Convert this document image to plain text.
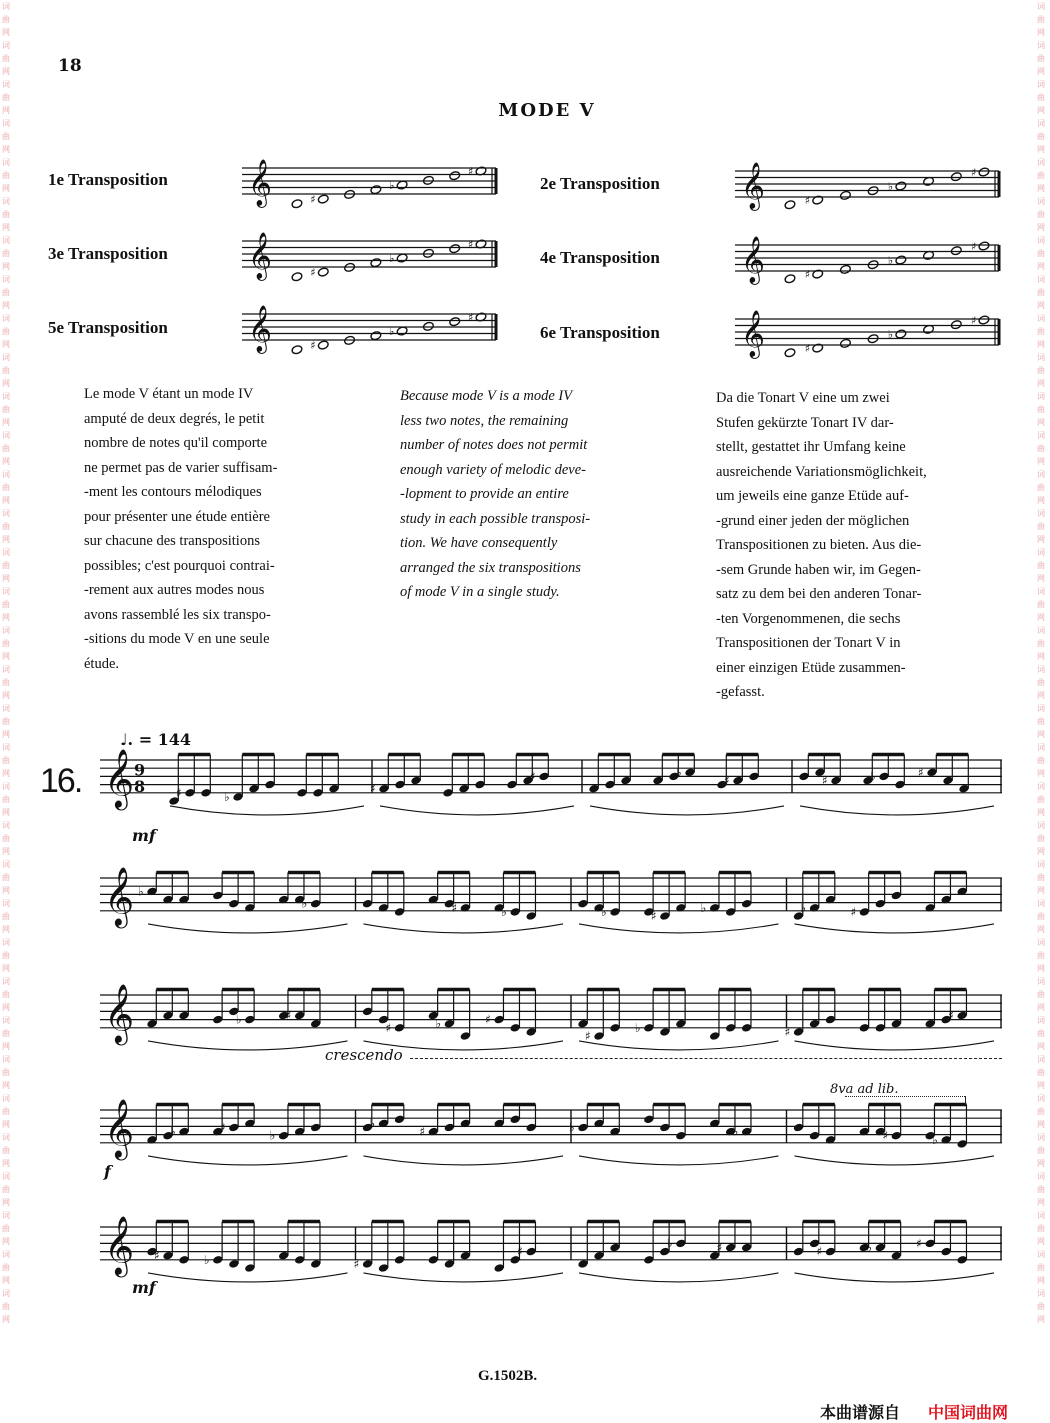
词曲网词曲网词曲网词曲网词曲网词曲网词曲网词曲网词曲网词曲网词曲网词曲网词曲网词曲网词曲网词曲网词曲网词曲网词曲网词曲网词曲网词曲网词曲网词曲网词曲网词曲网词曲网词曲网词曲网词曲网词曲网词曲网词曲网词曲网
词曲网词曲网词曲网词曲网词曲网词曲网词曲网词曲网词曲网词曲网词曲网词曲网词曲网词曲网词曲网词曲网词曲网词曲网词曲网词曲网词曲网词曲网词曲网词曲网词曲网词曲网词曲网词曲网词曲网词曲网词曲网词曲网词曲网词曲网
18
MODE V
1e Transposition	2e Transposition
3e Transposition	4e Transposition
5e Transposition	6e Transposition
𝄞	♯
♭
♯	𝄞	♯
♭
♯
𝄞	♯
♭
♯	𝄞	♯
♭
♯
𝄞	♯
♭
♯	𝄞	♯
♭
♯
Le mode V étant un mode IV
amputé de deux degrés, le petit
nombre de notes qu'il comporte
ne permet pas de varier suffisam-
-ment les contours mélodiques
pour présenter une étude entière
sur chacune des transpositions
possibles; c'est pourquoi contrai-
-rement aux autres modes nous
avons rassemblé les six transpo-
-sitions du mode V en une seule
étude.
Because mode V is a mode IV
less two notes, the remaining
number of notes does not permit
enough variety of melodic deve-
-lopment to provide an entire
study in each possible transposi-
tion. We have consequently
arranged the six transpositions
of mode V in a single study.
Da die Tonart V eine um zwei
Stufen gekürzte Tonart IV dar-
stellt, gestattet ihr Umfang keine
ausreichende Variationsmöglichkeit,
um jeweils eine ganze Etüde auf-
-grund einer jeden der möglichen
Transpositionen zu bieten. Aus die-
-sem Grunde haben wir, im Gegen-
satz zu dem bei den anderen Tonar-
-ten Vorgenommenen, die sechs
Transpositionen der Tonart V in
einer einzigen Etüde zusammen-
-gefasst.
♩. = 144
16. 𝄞 9
8	♯	♭
♯
♯	♭
♯	♯	♭	♯
𝄞 ♭
♭	♯	♭	♭	♯
♭	♭	♯
𝄞	♭	♯
♯	♭	♯
♯
♭	♯
♯
𝄞	♭	♯
♭
♭
♯	♭	♭	♯	♭
𝄞 ♯	♭	♯
♯
♭	♯	♯	♭	♯
mf
crescendo
f
8va ad lib.
mf
G.1502B.
本曲谱源自 中国词曲网
